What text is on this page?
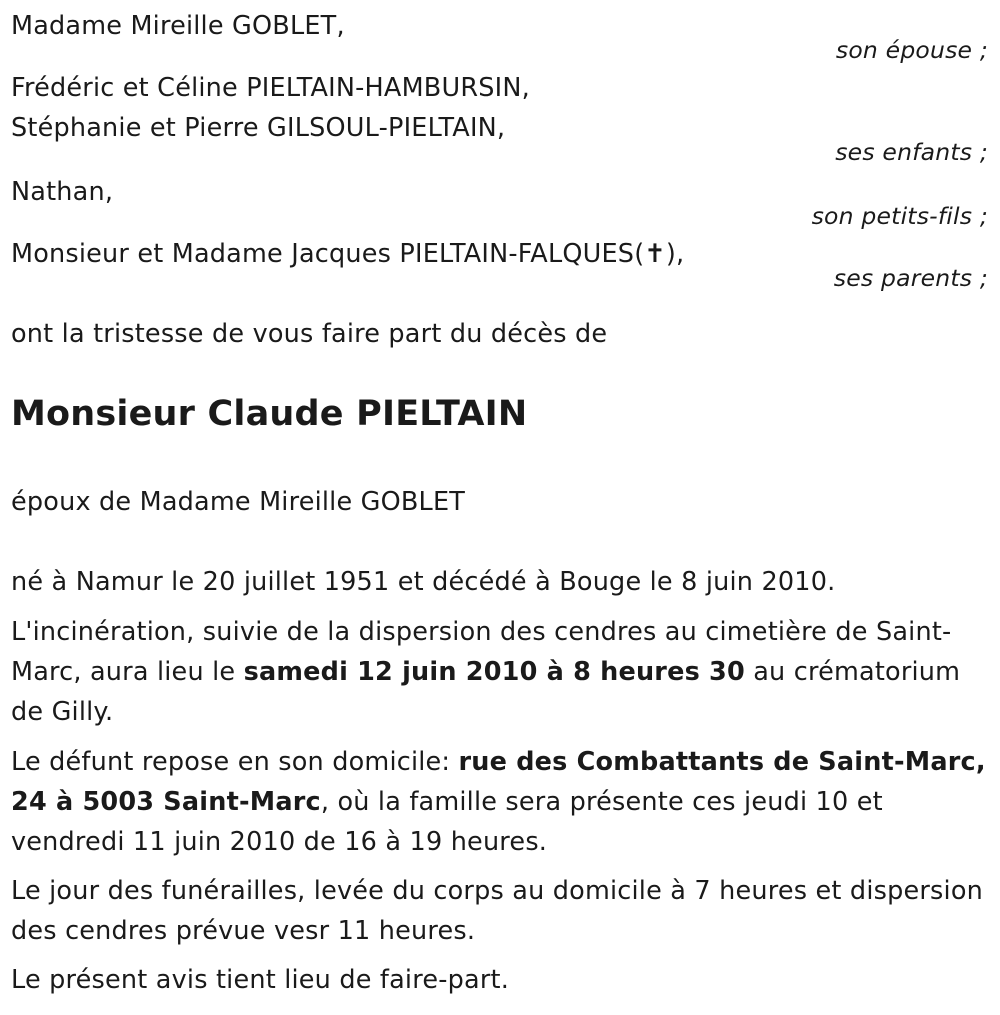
Madame Mireille GOBLET,
son épouse ;
Frédéric et Céline PIELTAIN-HAMBURSIN,
Stéphanie et Pierre GILSOUL-PIELTAIN,
ses enfants ;
Nathan,
son petits-fils ;
Monsieur et Madame Jacques PIELTAIN-FALQUES(✝),
ses parents ;
ont la tristesse de vous faire part du décès de
Monsieur Claude PIELTAIN
époux de Madame Mireille GOBLET
né à Namur le 20 juillet 1951 et décédé à Bouge le 8 juin 2010.
L'incinération, suivie de la dispersion des cendres au cimetière de Saint-Marc, aura lieu le samedi 12 juin 2010 à 8 heures 30 au crématorium de Gilly.
Le défunt repose en son domicile: rue des Combattants de Saint-Marc, 24 à 5003 Saint-Marc, où la famille sera présente ces jeudi 10 et vendredi 11 juin 2010 de 16 à 19 heures.
Le jour des funérailles, levée du corps au domicile à 7 heures et dispersion des cendres prévue vesr 11 heures.
Le présent avis tient lieu de faire-part.
